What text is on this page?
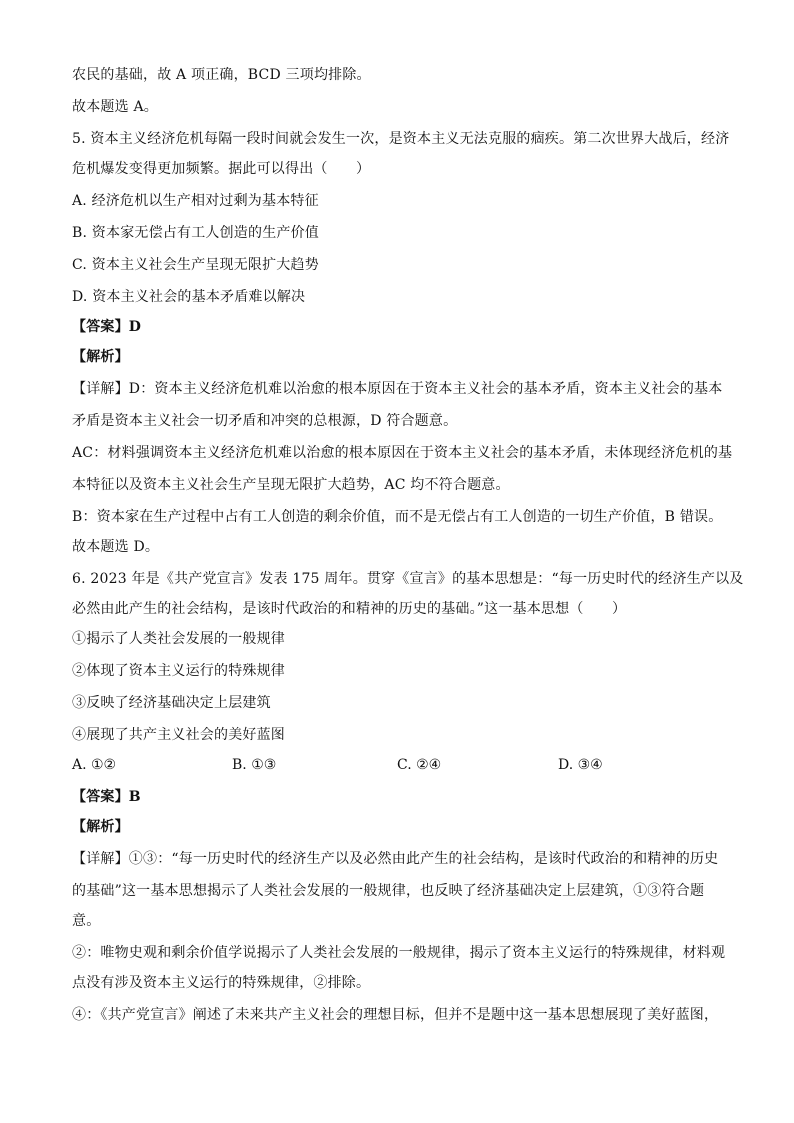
农民的基础，故 A 项正确，BCD 三项均排除。
故本题选 A。
5. 资本主义经济危机每隔一段时间就会发生一次，是资本主义无法克服的痼疾。第二次世界大战后，经济
危机爆发变得更加频繁。据此可以得出（　　）
A. 经济危机以生产相对过剩为基本特征
B. 资本家无偿占有工人创造的生产价值
C. 资本主义社会生产呈现无限扩大趋势
D. 资本主义社会的基本矛盾难以解决
【答案】D
【解析】
【详解】D：资本主义经济危机难以治愈的根本原因在于资本主义社会的基本矛盾，资本主义社会的基本
矛盾是资本主义社会一切矛盾和冲突的总根源，D 符合题意。
AC：材料强调资本主义经济危机难以治愈的根本原因在于资本主义社会的基本矛盾，未体现经济危机的基
本特征以及资本主义社会生产呈现无限扩大趋势，AC 均不符合题意。
B：资本家在生产过程中占有工人创造的剩余价值，而不是无偿占有工人创造的一切生产价值，B 错误。
故本题选 D。
6. 2023 年是《共产党宣言》发表 175 周年。贯穿《宣言》的基本思想是：“每一历史时代的经济生产以及
必然由此产生的社会结构，是该时代政治的和精神的历史的基础。”这一基本思想（　　）
①揭示了人类社会发展的一般规律
②体现了资本主义运行的特殊规律
③反映了经济基础决定上层建筑
④展现了共产主义社会的美好蓝图
A. ①②	B. ①③	C. ②④	D. ③④
【答案】B
【解析】
【详解】①③：“每一历史时代的经济生产以及必然由此产生的社会结构，是该时代政治的和精神的历史
的基础”这一基本思想揭示了人类社会发展的一般规律，也反映了经济基础决定上层建筑，①③符合题
意。
②：唯物史观和剩余价值学说揭示了人类社会发展的一般规律，揭示了资本主义运行的特殊规律，材料观
点没有涉及资本主义运行的特殊规律，②排除。
④：《共产党宣言》阐述了未来共产主义社会的理想目标，但并不是题中这一基本思想展现了美好蓝图，
